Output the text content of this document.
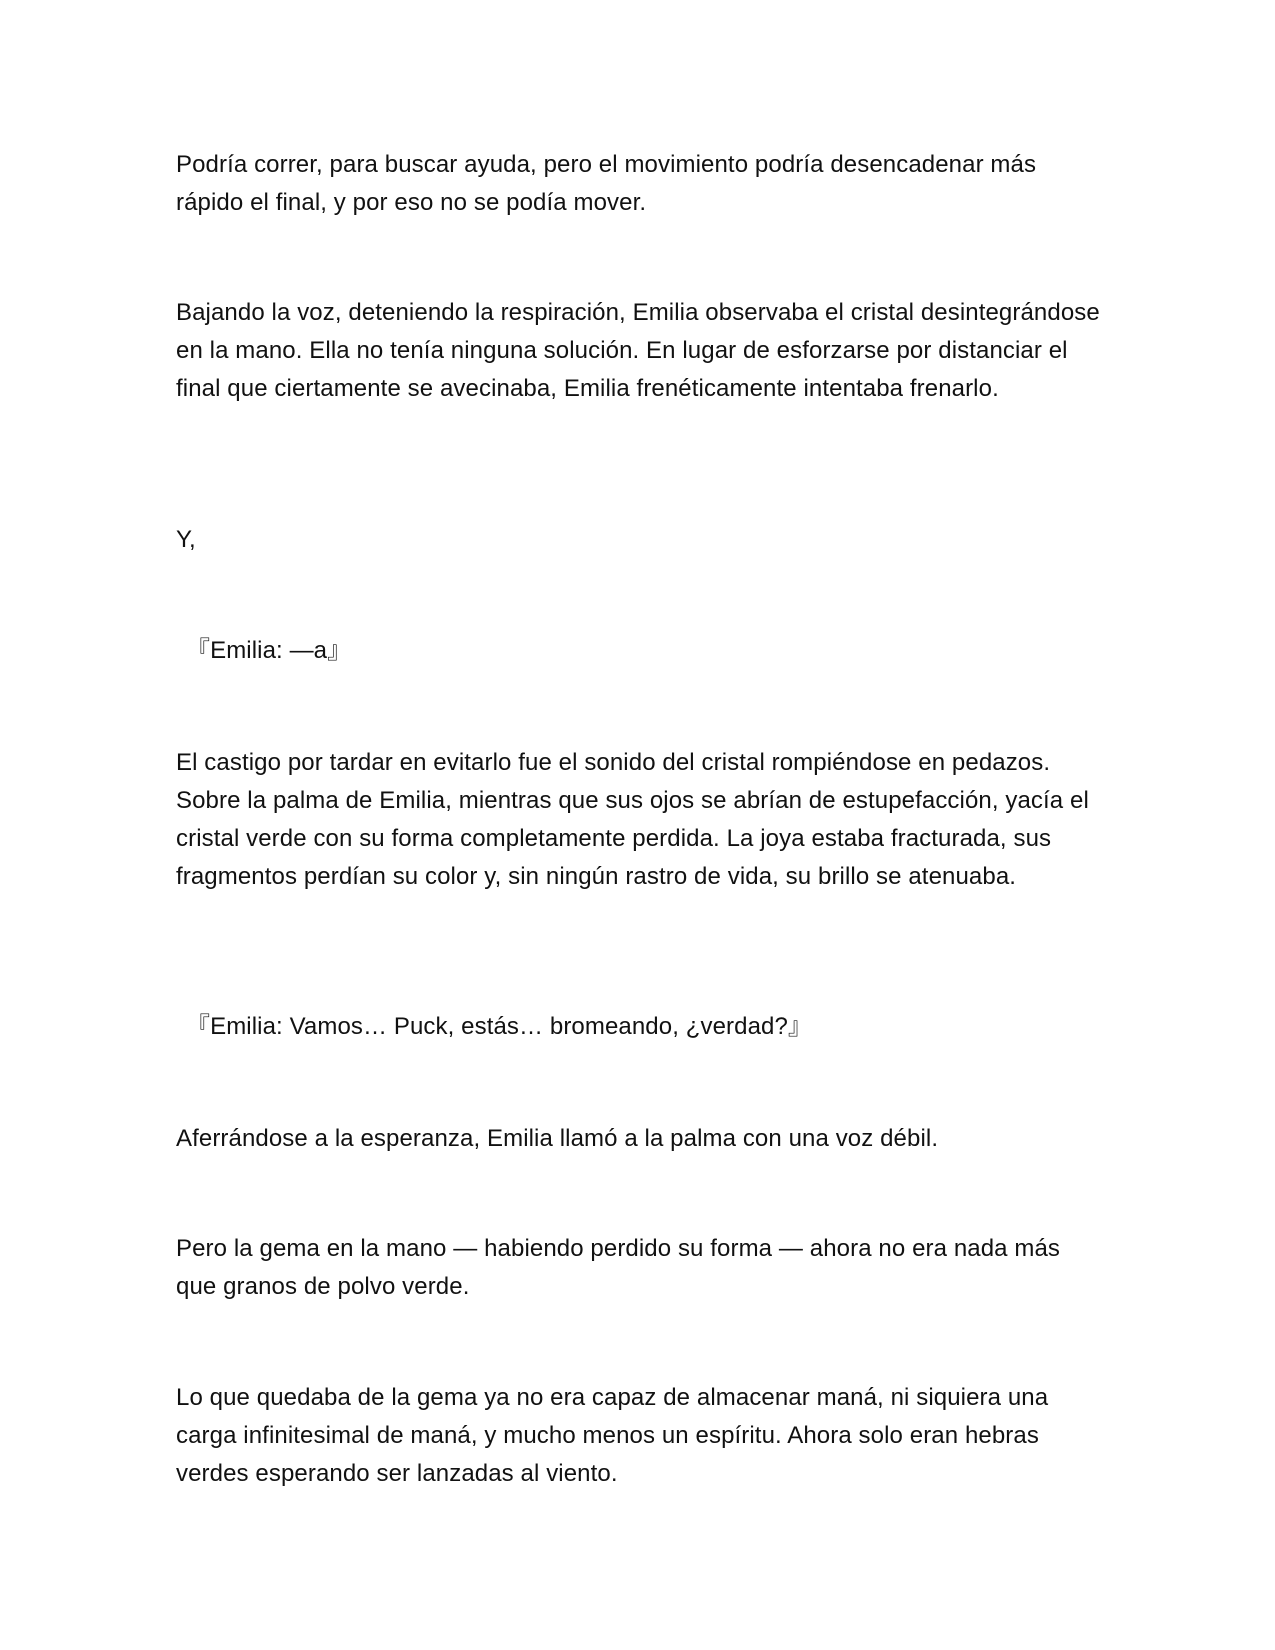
Podría correr, para buscar ayuda, pero el movimiento podría desencadenar más rápido el final, y por eso no se podía mover.

Bajando la voz, deteniendo la respiración, Emilia observaba el cristal desintegrándose en la mano. Ella no tenía ninguna solución. En lugar de esforzarse por distanciar el final que ciertamente se avecinaba, Emilia frenéticamente intentaba frenarlo.

Y,

『Emilia: —a』

El castigo por tardar en evitarlo fue el sonido del cristal rompiéndose en pedazos. Sobre la palma de Emilia, mientras que sus ojos se abrían de estupefacción, yacía el cristal verde con su forma completamente perdida. La joya estaba fracturada, sus fragmentos perdían su color y, sin ningún rastro de vida, su brillo se atenuaba.

『Emilia: Vamos… Puck, estás… bromeando, ¿verdad?』

Aferrándose a la esperanza, Emilia llamó a la palma con una voz débil.

Pero la gema en la mano — habiendo perdido su forma — ahora no era nada más que granos de polvo verde.

Lo que quedaba de la gema ya no era capaz de almacenar maná, ni siquiera una carga infinitesimal de maná, y mucho menos un espíritu. Ahora solo eran hebras verdes esperando ser lanzadas al viento.
